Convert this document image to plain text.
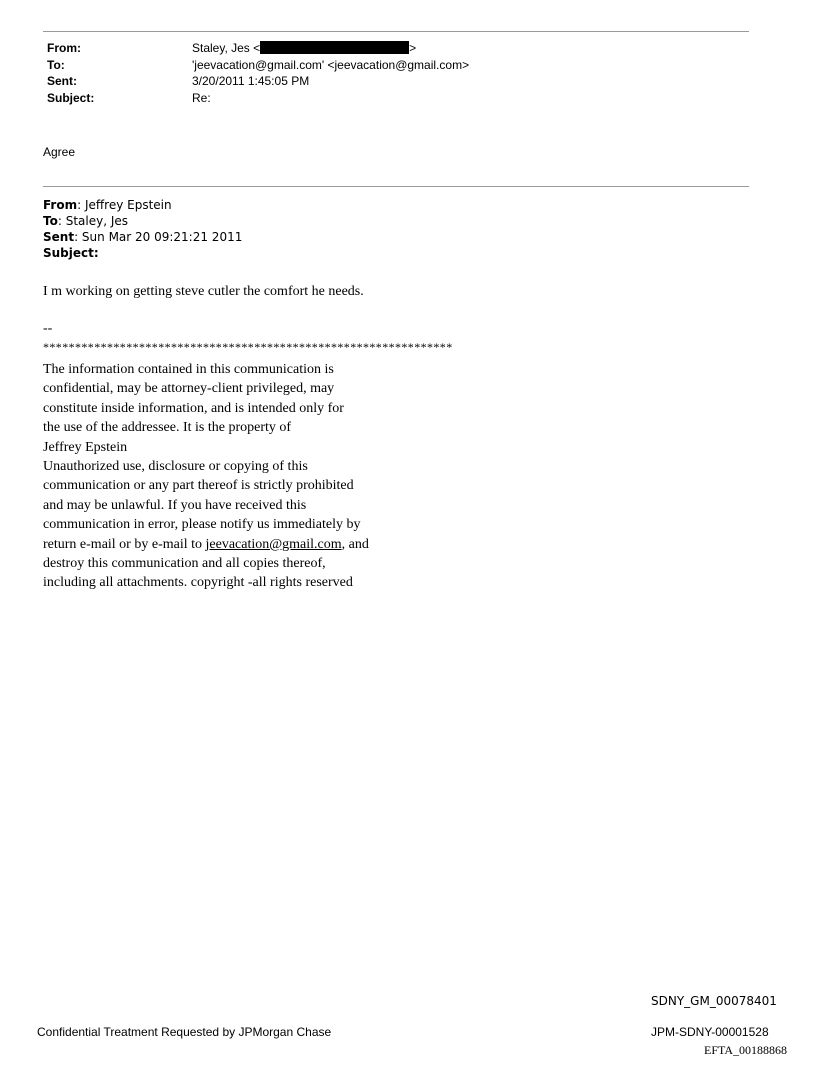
From:	Staley, Jes <	>
To:	'jeevacation@gmail.com' <jeevacation@gmail.com>
Sent:	3/20/2011 1:45:05 PM
Subject:	Re:
Agree
From: Jeffrey Epstein
To: Staley, Jes
Sent: Sun Mar 20 09:21:21 2011
Subject:
I m working on getting steve cutler the comfort he needs.
--
****************************************************************
The information contained in this communication is
confidential, may be attorney-client privileged, may
constitute inside information, and is intended only for
the use of the addressee. It is the property of
Jeffrey Epstein
Unauthorized use, disclosure or copying of this
communication or any part thereof is strictly prohibited
and may be unlawful. If you have received this
communication in error, please notify us immediately by
return e-mail or by e-mail to jeevacation@gmail.com, and
destroy this communication and all copies thereof,
including all attachments. copyright -all rights reserved
SDNY_GM_00078401
Confidential Treatment Requested by JPMorgan Chase	JPM-SDNY-00001528
EFTA_00188868
